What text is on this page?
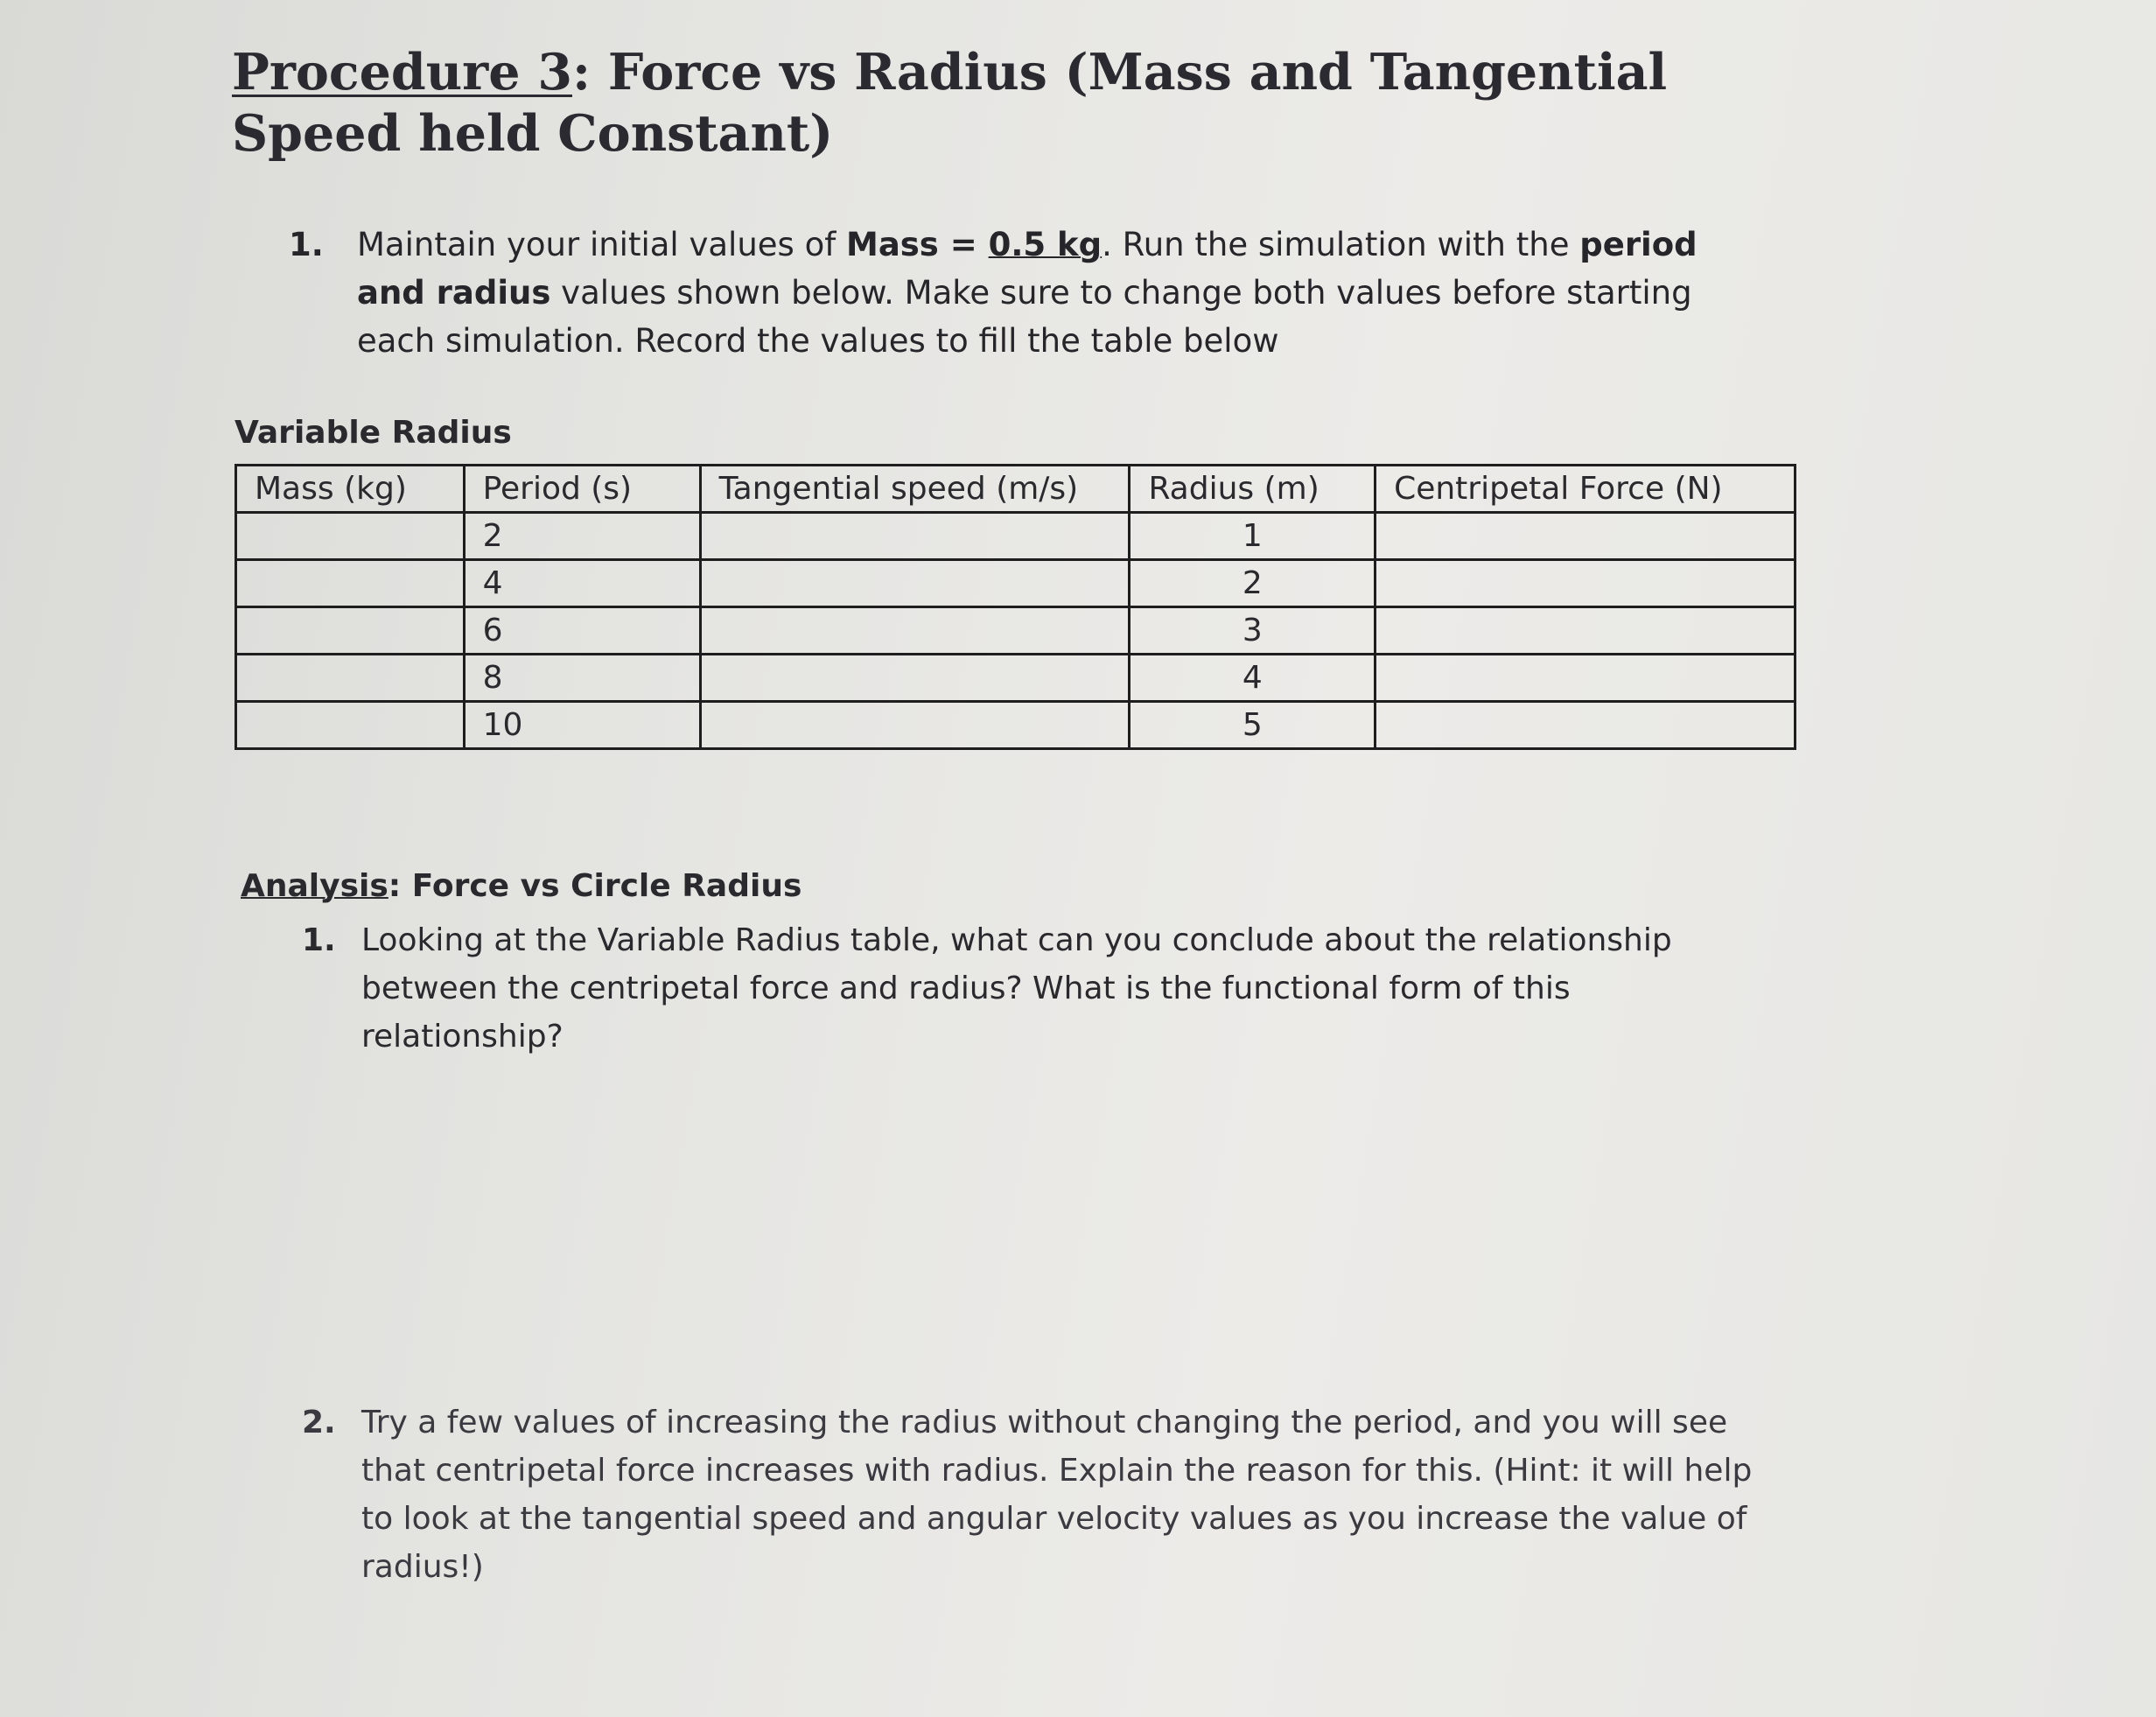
Procedure 3: Force vs Radius (Mass and Tangential Speed held Constant)
1. Maintain your initial values of Mass = 0.5 kg. Run the simulation with the period and radius values shown below. Make sure to change both values before starting each simulation. Record the values to fill the table below
Variable Radius
Mass (kg)	Period (s)	Tangential speed (m/s)	Radius (m)	Centripetal Force (N)
	2		1	
	4		2	
	6		3	
	8		4	
	10		5	
Analysis: Force vs Circle Radius
1. Looking at the Variable Radius table, what can you conclude about the relationship between the centripetal force and radius? What is the functional form of this relationship?
2. Try a few values of increasing the radius without changing the period, and you will see that centripetal force increases with radius. Explain the reason for this. (Hint: it will help to look at the tangential speed and angular velocity values as you increase the value of radius!)
